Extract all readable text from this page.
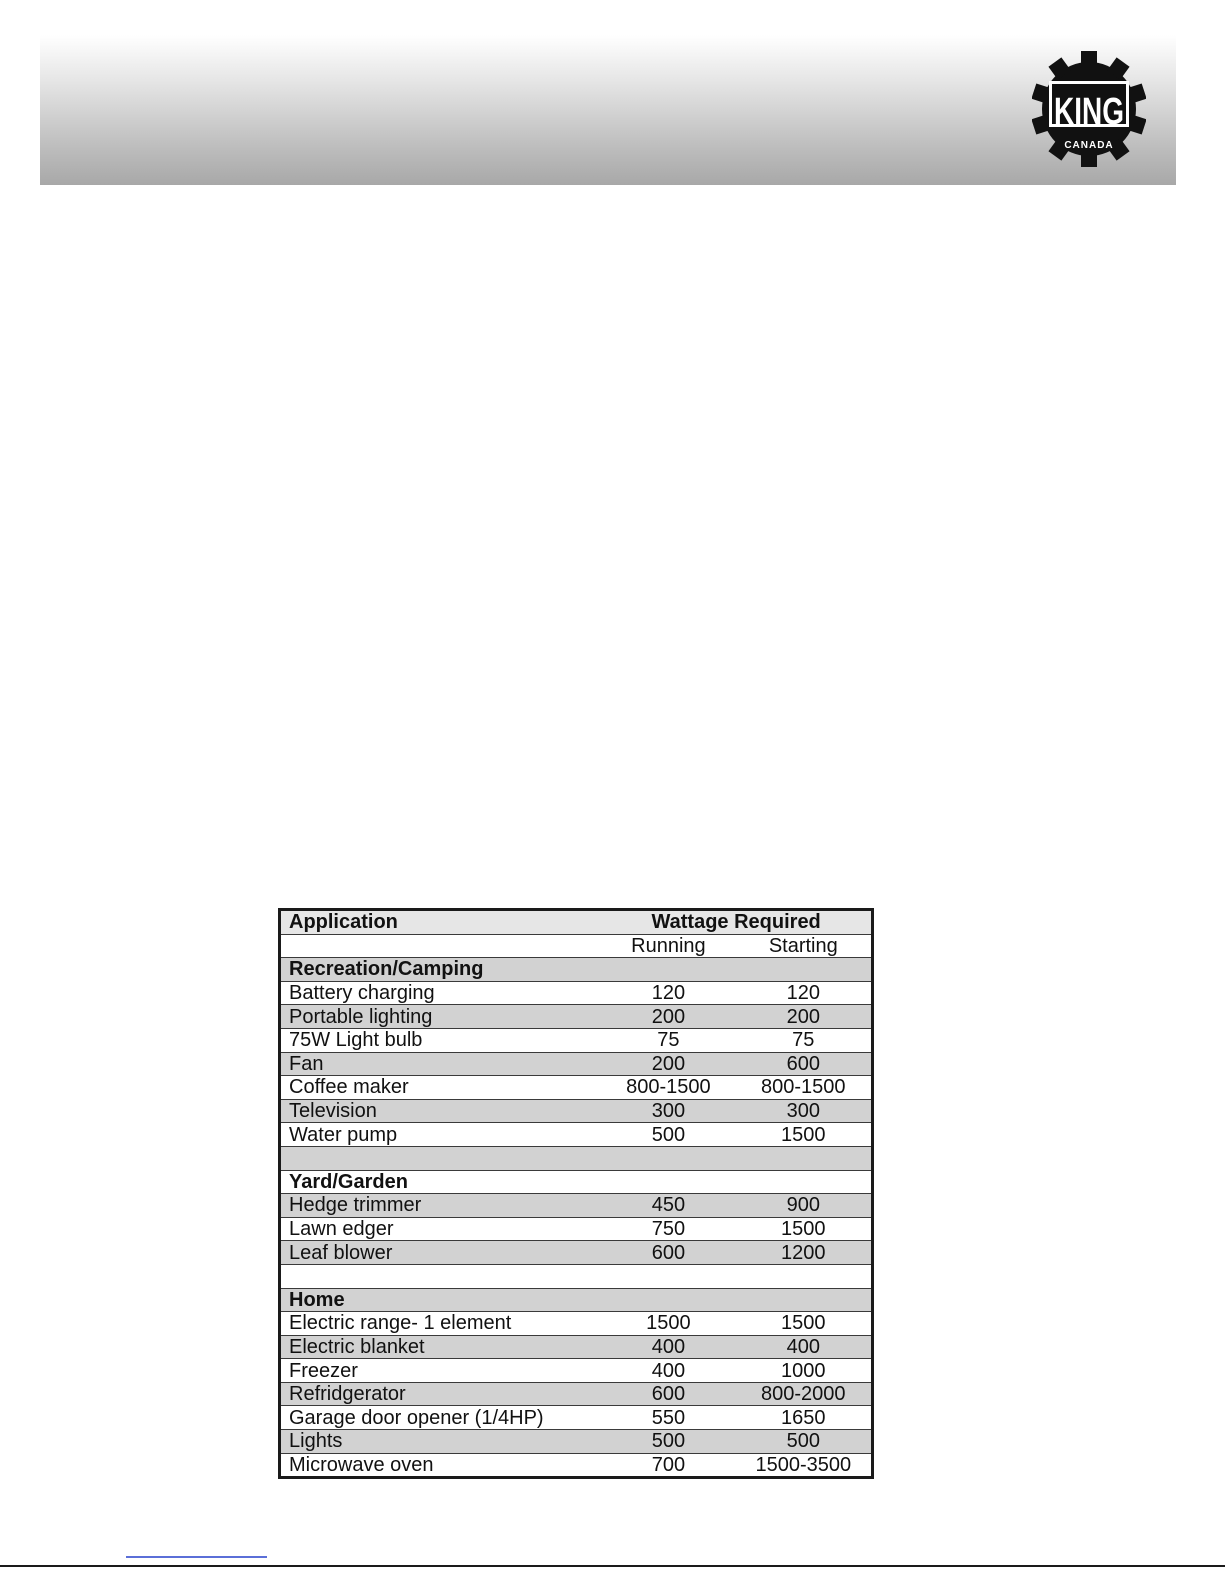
KING
CANADA
Application	Wattage Required	
	Running	Starting
Recreation/Camping		
Battery charging	120	120
Portable lighting	200	200
75W Light bulb	75	75
Fan	200	600
Coffee maker	800-1500	800-1500
Television	300	300
Water pump	500	1500

Yard/Garden		
Hedge trimmer	450	900
Lawn edger	750	1500
Leaf blower	600	1200

Home		
Electric range- 1 element	1500	1500
Electric blanket	400	400
Freezer	400	1000
Refridgerator	600	800-2000
Garage door opener (1/4HP)	550	1650
Lights	500	500
Microwave oven	700	1500-3500
